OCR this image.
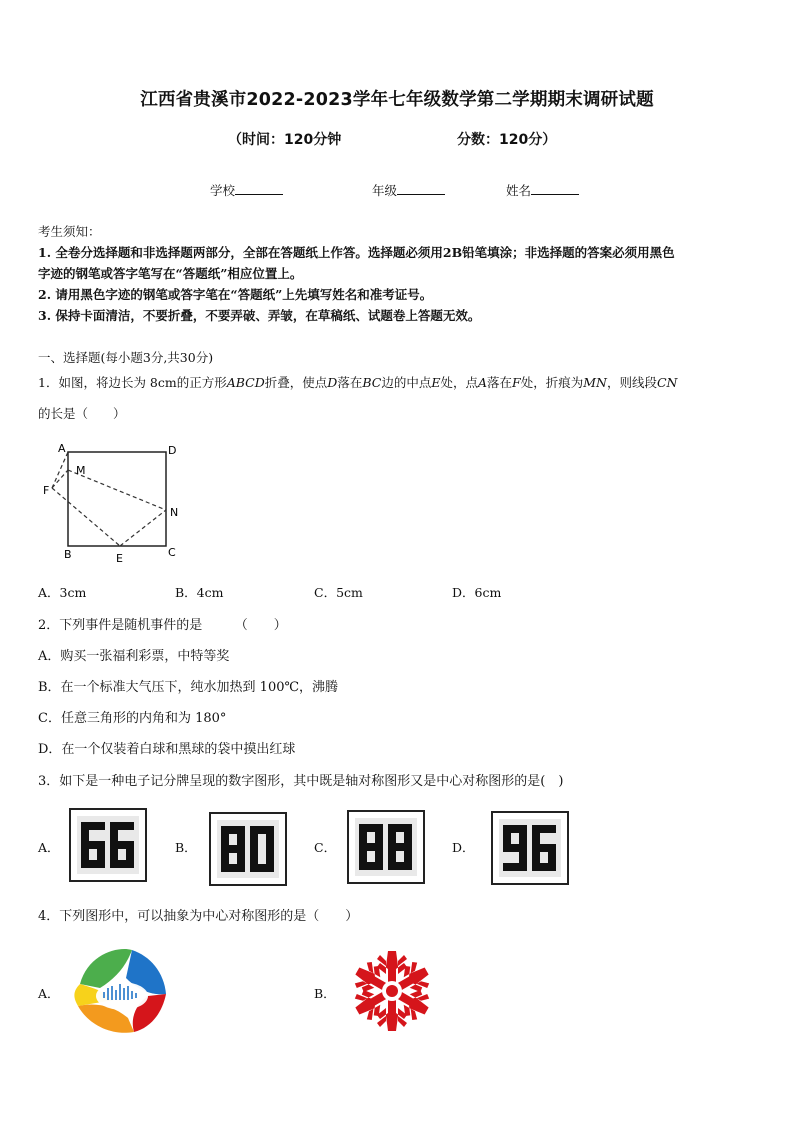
江西省贵溪市2022-2023学年七年级数学第二学期期末调研试题
（时间：120分钟	分数：120分）
学校	年级	姓名
考生须知：
1. 全卷分选择题和非选择题两部分，全部在答题纸上作答。选择题必须用2B铅笔填涂；非选择题的答案必须用黑色
字迹的钢笔或答字笔写在“答题纸”相应位置上。
2. 请用黑色字迹的钢笔或答字笔在“答题纸”上先填写姓名和准考证号。
3. 保持卡面清洁，不要折叠，不要弄破、弄皱，在草稿纸、试题卷上答题无效。
一、选择题(每小题3分,共30分)
1．如图，将边长为 8cm的正方形ABCD折叠，使点D落在BC边的中点E处，点A落在F处，折痕为MN，则线段CN
的长是（　　）
A	D
M
F
N
B	E	C
A．3cm	B．4cm	C．5cm	D．6cm
2．下列事件是随机事件的是　　　（　　）
A．购买一张福利彩票，中特等奖
B．在一个标准大气压下，纯水加热到 100℃，沸腾
C．任意三角形的内角和为 180°
D．在一个仅装着白球和黑球的袋中摸出红球
3．如下是一种电子记分牌呈现的数字图形，其中既是轴对称图形又是中心对称图形的是(　)
A．	B．	C．	D．
4．下列图形中，可以抽象为中心对称图形的是（　　）
A．	B．
